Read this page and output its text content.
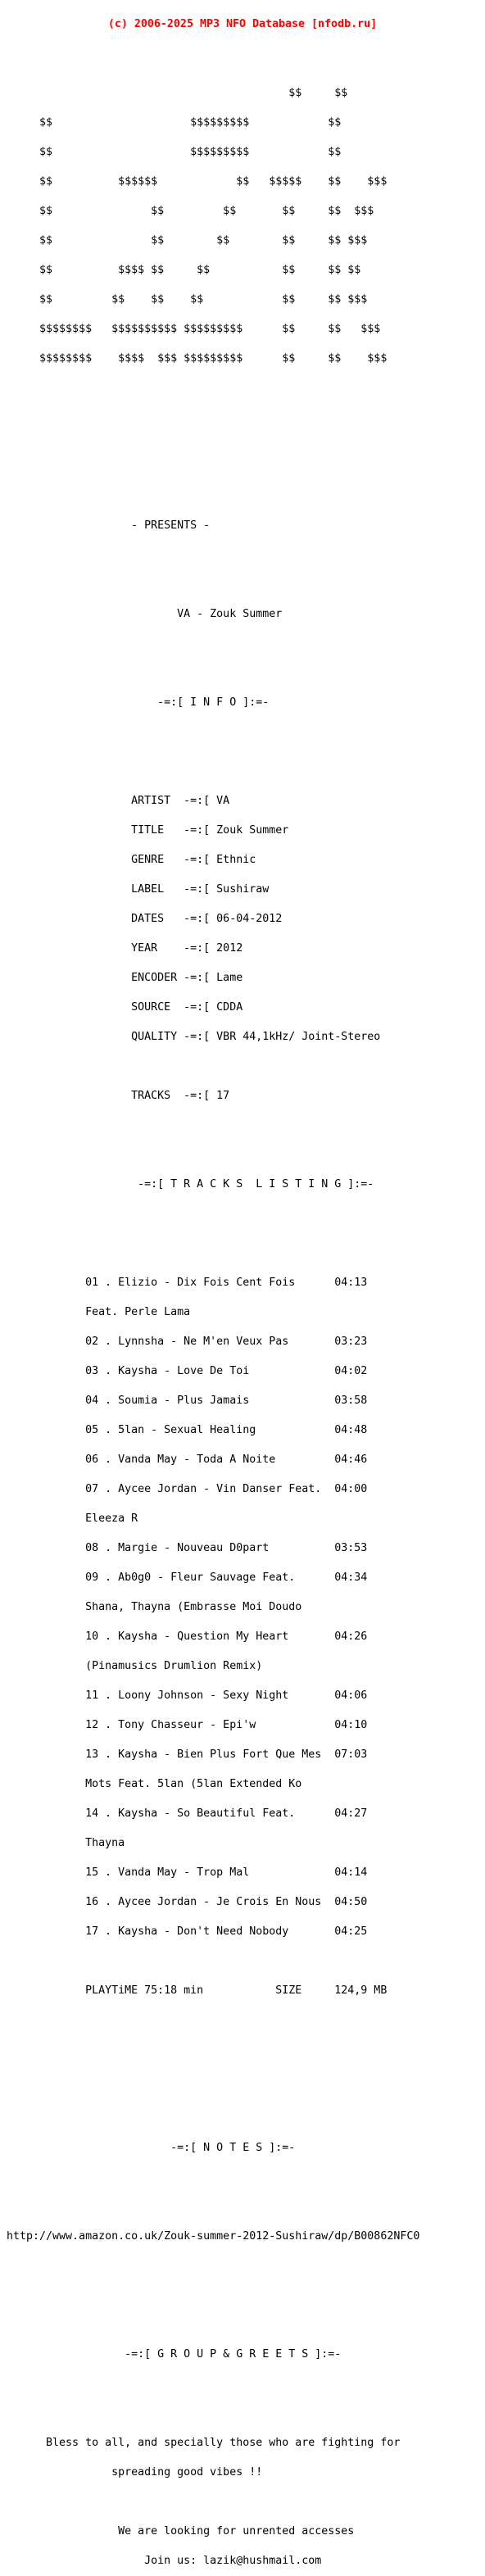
(c) 2006-2025 MP3 NFO Database [nfodb.ru]

$$     $$

$$                     $$$$$$$$$            $$

$$                     $$$$$$$$$            $$

$$          $$$$$$            $$   $$$$$    $$    $$$

$$               $$         $$       $$     $$  $$$

$$               $$        $$        $$     $$ $$$

$$          $$$$ $$     $$           $$     $$ $$

$$         $$    $$    $$            $$     $$ $$$

$$$$$$$$   $$$$$$$$$$ $$$$$$$$$      $$     $$   $$$

$$$$$$$$    $$$$  $$$ $$$$$$$$$      $$     $$    $$$

- PRESENTS -

VA - Zouk Summer

-=:[ I N F O ]:=-

ARTIST  -=:[ VA

TITLE   -=:[ Zouk Summer

GENRE   -=:[ Ethnic

LABEL   -=:[ Sushiraw

DATES   -=:[ 06-04-2012

YEAR    -=:[ 2012

ENCODER -=:[ Lame

SOURCE  -=:[ CDDA

QUALITY -=:[ VBR 44,1kHz/ Joint-Stereo

TRACKS  -=:[ 17

-=:[ T R A C K S  L I S T I N G ]:=-

01 . Elizio - Dix Fois Cent Fois      04:13

Feat. Perle Lama

02 . Lynnsha - Ne M'en Veux Pas       03:23

03 . Kaysha - Love De Toi             04:02

04 . Soumia - Plus Jamais             03:58

05 . 5lan - Sexual Healing            04:48

06 . Vanda May - Toda A Noite         04:46

07 . Aycee Jordan - Vin Danser Feat.  04:00

Eleeza R

08 . Margie - Nouveau D0part          03:53

09 . Ab0g0 - Fleur Sauvage Feat.      04:34

Shana, Thayna (Embrasse Moi Doudo

10 . Kaysha - Question My Heart       04:26

(Pinamusics Drumlion Remix)

11 . Loony Johnson - Sexy Night       04:06

12 . Tony Chasseur - Epi'w            04:10

13 . Kaysha - Bien Plus Fort Que Mes  07:03

Mots Feat. 5lan (5lan Extended Ko

14 . Kaysha - So Beautiful Feat.      04:27

Thayna

15 . Vanda May - Trop Mal             04:14

16 . Aycee Jordan - Je Crois En Nous  04:50

17 . Kaysha - Don't Need Nobody       04:25

PLAYTiME 75:18 min           SIZE     124,9 MB

-=:[ N O T E S ]:=-

http://www.amazon.co.uk/Zouk-summer-2012-Sushiraw/dp/B00862NFC0

-=:[ G R O U P & G R E E T S ]:=-

Bless to all, and specially those who are fighting for

spreading good vibes !!

We are looking for unrented accesses

Join us: lazik@hushmail.com
